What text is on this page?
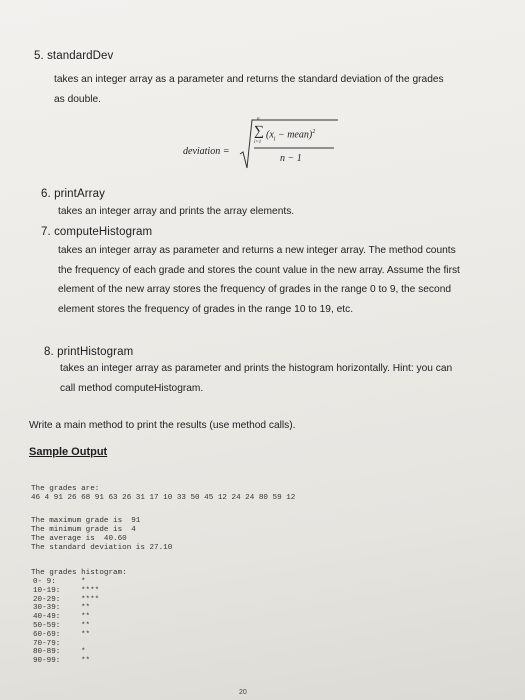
5. standardDev
takes an integer array as a parameter and returns the standard deviation of the grades as double.
deviation =
∑
n
i=1
($x_i$ − mean)$^2$
n − 1
6. printArray
takes an integer array and prints the array elements.
7. computeHistogram
takes an integer array as parameter and returns a new integer array. The method counts the frequency of each grade and stores the count value in the new array. Assume the first element of the new array stores the frequency of grades in the range 0 to 9, the second element stores the frequency of grades in the range 10 to 19, etc.
8. printHistogram
takes an integer array as parameter and prints the histogram horizontally. Hint: you can call method computeHistogram.
Write a main method to print the results (use method calls).
Sample Output
The grades are:
46 4 91 26 68 91 63 26 31 17 10 33 50 45 12 24 24 80 59 12
The maximum grade is  91
The minimum grade is  4
The average is  40.60
The standard deviation is 27.10
The grades histogram:
0- 9:	*
10-19:	****
20-29:	****
30-39:	**
40-49:	**
50-59:	**
60-69:	**
70-79:
80-89:	*
90-99:	**
20
